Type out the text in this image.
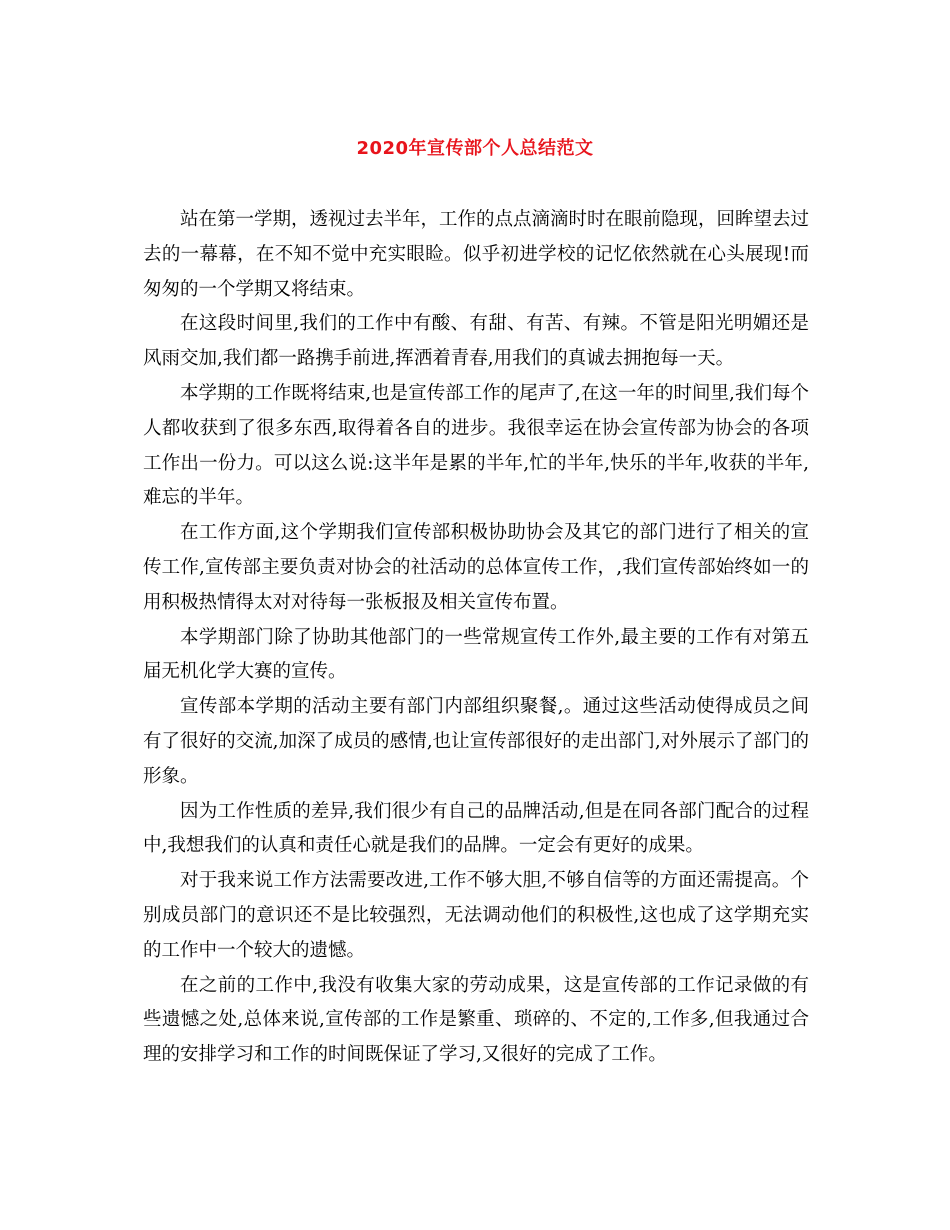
2020年宣传部个人总结范文

站在第一学期，透视过去半年，工作的点点滴滴时时在眼前隐现，回眸望去过去的一幕幕，在不知不觉中充实眼睑。似乎初进学校的记忆依然就在心头展现!而匆匆的一个学期又将结束。

在这段时间里,我们的工作中有酸、有甜、有苦、有辣。不管是阳光明媚还是风雨交加,我们都一路携手前进,挥洒着青春,用我们的真诚去拥抱每一天。

本学期的工作既将结束,也是宣传部工作的尾声了,在这一年的时间里,我们每个人都收获到了很多东西,取得着各自的进步。我很幸运在协会宣传部为协会的各项工作出一份力。可以这么说:这半年是累的半年,忙的半年,快乐的半年,收获的半年,难忘的半年。

在工作方面,这个学期我们宣传部积极协助协会及其它的部门进行了相关的宣传工作,宣传部主要负责对协会的社活动的总体宣传工作，,我们宣传部始终如一的用积极热情得太对对待每一张板报及相关宣传布置。

本学期部门除了协助其他部门的一些常规宣传工作外,最主要的工作有对第五届无机化学大赛的宣传。

宣传部本学期的活动主要有部门内部组织聚餐,。通过这些活动使得成员之间有了很好的交流,加深了成员的感情,也让宣传部很好的走出部门,对外展示了部门的形象。

因为工作性质的差异,我们很少有自己的品牌活动,但是在同各部门配合的过程中,我想我们的认真和责任心就是我们的品牌。一定会有更好的成果。

对于我来说工作方法需要改进,工作不够大胆,不够自信等的方面还需提高。个别成员部门的意识还不是比较强烈，无法调动他们的积极性,这也成了这学期充实的工作中一个较大的遗憾。

在之前的工作中,我没有收集大家的劳动成果，这是宣传部的工作记录做的有些遗憾之处,总体来说,宣传部的工作是繁重、琐碎的、不定的,工作多,但我通过合理的安排学习和工作的时间既保证了学习,又很好的完成了工作。
